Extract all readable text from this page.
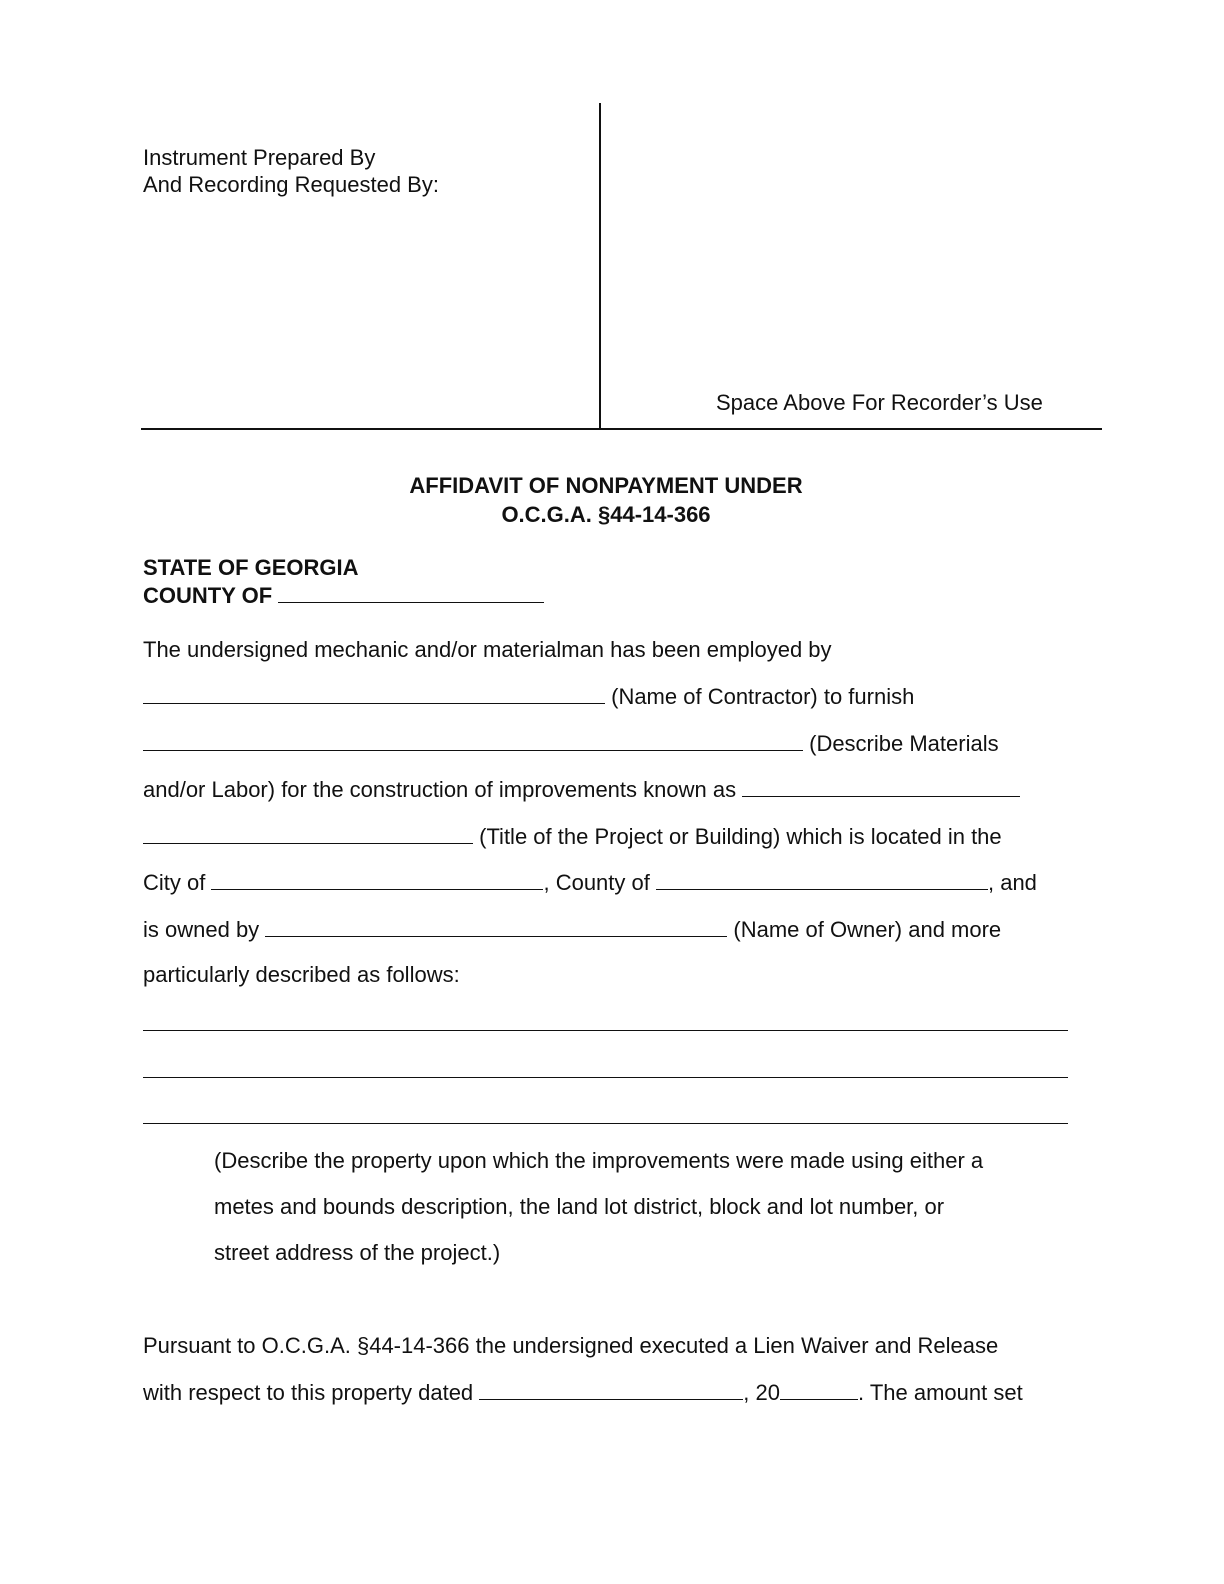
Instrument Prepared By
And Recording Requested By:
Space Above For Recorder’s Use
AFFIDAVIT OF NONPAYMENT UNDER
O.C.G.A. §44-14-366
STATE OF GEORGIA
COUNTY OF
The undersigned mechanic and/or materialman has been employed by
(Name of Contractor) to furnish
(Describe Materials
and/or Labor) for the construction of improvements known as
(Title of the Project or Building) which is located in the
City of	, County of	, and
is owned by	(Name of Owner) and more
particularly described as follows:
(Describe the property upon which the improvements were made using either a
metes and bounds description, the land lot district, block and lot number, or
street address of the project.)
Pursuant to O.C.G.A. §44-14-366 the undersigned executed a Lien Waiver and Release
with respect to this property dated	, 20	. The amount set
